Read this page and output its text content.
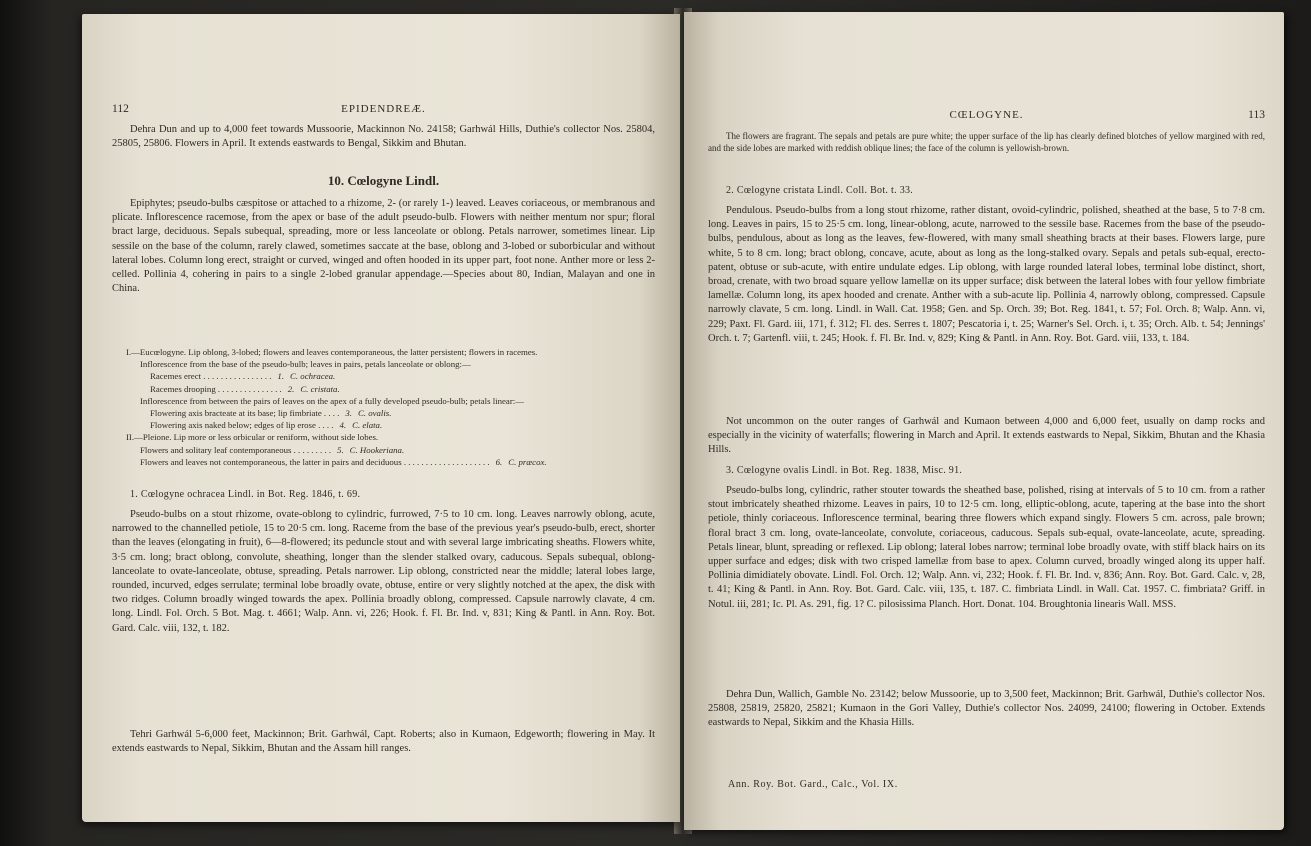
112	EPIDENDREÆ.

Dehra Dun and up to 4,000 feet towards Mussoorie, Mackinnon No. 24158; Garhwál Hills, Duthie's collector Nos. 25804, 25805, 25806. Flowers in April. It extends eastwards to Bengal, Sikkim and Bhutan.

10. Cœlogyne Lindl.

Epiphytes; pseudo-bulbs cæspitose or attached to a rhizome, 2- (or rarely 1-) leaved. Leaves coriaceous, or membranous and plicate. Inflorescence racemose, from the apex or base of the adult pseudo-bulb. Flowers with neither mentum nor spur; floral bract large, deciduous. Sepals subequal, spreading, more or less lanceolate or oblong. Petals narrower, sometimes linear. Lip sessile on the base of the column, rarely clawed, sometimes saccate at the base, oblong and 3-lobed or suborbicular and without lateral lobes. Column long erect, straight or curved, winged and often hooded in its upper part, foot none. Anther more or less 2-celled. Pollinia 4, cohering in pairs to a single 2-lobed granular appendage.—Species about 80, Indian, Malayan and one in China.

I.—Eucœlogyne. Lip oblong, 3-lobed; flowers and leaves contemporaneous, the latter persistent; flowers in racemes.
Inflorescence from the base of the pseudo-bulb; leaves in pairs, petals lanceolate or oblong:—
Racemes erect . . . . . . . . . . . . . . . . 1. C. ochracea.
Racemes drooping . . . . . . . . . . . . . . . 2. C. cristata.
Inflorescence from between the pairs of leaves on the apex of a fully developed pseudo-bulb; petals linear:—
Flowering axis bracteate at its base; lip fimbriate . . . . 3. C. ovalis.
Flowering axis naked below; edges of lip erose . . . . 4. C. elata.
II.—Pleione. Lip more or less orbicular or reniform, without side lobes.
Flowers and solitary leaf contemporaneous . . . . . . . . . 5. C. Hookeriana.
Flowers and leaves not contemporaneous, the latter in pairs and deciduous . . . . . . . . . . . . . . . . . . . . 6. C. præcox.
1. Cœlogyne ochracea Lindl. in Bot. Reg. 1846, t. 69.

Pseudo-bulbs on a stout rhizome, ovate-oblong to cylindric, furrowed, 7·5 to 10 cm. long. Leaves narrowly oblong, acute, narrowed to the channelled petiole, 15 to 20·5 cm. long. Raceme from the base of the previous year's pseudo-bulb, erect, shorter than the leaves (elongating in fruit), 6—8-flowered; its peduncle stout and with several large imbricating sheaths. Flowers white, 3·5 cm. long; bract oblong, convolute, sheathing, longer than the slender stalked ovary, caducous. Sepals subequal, oblong-lanceolate to ovate-lanceolate, obtuse, spreading. Petals narrower. Lip oblong, constricted near the middle; lateral lobes large, rounded, incurved, edges serrulate; terminal lobe broadly ovate, obtuse, entire or very slightly notched at the apex, the disk with two ridges. Column broadly winged towards the apex. Pollinia broadly oblong, compressed. Capsule narrowly clavate, 4 cm. long. Lindl. Fol. Orch. 5 Bot. Mag. t. 4661; Walp. Ann. vi, 226; Hook. f. Fl. Br. Ind. v, 831; King & Pantl. in Ann. Roy. Bot. Gard. Calc. viii, 132, t. 182.

Tehri Garhwál 5-6,000 feet, Mackinnon; Brit. Garhwál, Capt. Roberts; also in Kumaon, Edgeworth; flowering in May. It extends eastwards to Nepal, Sikkim, Bhutan and the Assam hill ranges.

CŒLOGYNE.	113

The flowers are fragrant. The sepals and petals are pure white; the upper surface of the lip has clearly defined blotches of yellow margined with red, and the side lobes are marked with reddish oblique lines; the face of the column is yellowish-brown.

2. Cœlogyne cristata Lindl. Coll. Bot. t. 33.

Pendulous. Pseudo-bulbs from a long stout rhizome, rather distant, ovoid-cylindric, polished, sheathed at the base, 5 to 7·8 cm. long. Leaves in pairs, 15 to 25·5 cm. long, linear-oblong, acute, narrowed to the sessile base. Racemes from the base of the pseudo-bulbs, pendulous, about as long as the leaves, few-flowered, with many small sheathing bracts at their bases. Flowers large, pure white, 5 to 8 cm. long; bract oblong, concave, acute, about as long as the long-stalked ovary. Sepals and petals sub-equal, erecto-patent, obtuse or sub-acute, with entire undulate edges. Lip oblong, with large rounded lateral lobes, terminal lobe distinct, short, broad, crenate, with two broad square yellow lamellæ on its upper surface; disk between the lateral lobes with four yellow fimbriate lamellæ. Column long, its apex hooded and crenate. Anther with a sub-acute lip. Pollinia 4, narrowly oblong, compressed. Capsule narrowly clavate, 5 cm. long. Lindl. in Wall. Cat. 1958; Gen. and Sp. Orch. 39; Bot. Reg. 1841, t. 57; Fol. Orch. 8; Walp. Ann. vi, 229; Paxt. Fl. Gard. iii, 171, f. 312; Fl. des. Serres t. 1807; Pescatoria i, t. 25; Warner's Sel. Orch. i, t. 35; Orch. Alb. t. 54; Jennings' Orch. t. 7; Gartenfl. viii, t. 245; Hook. f. Fl. Br. Ind. v, 829; King & Pantl. in Ann. Roy. Bot. Gard. viii, 133, t. 184.

Not uncommon on the outer ranges of Garhwál and Kumaon between 4,000 and 6,000 feet, usually on damp rocks and especially in the vicinity of waterfalls; flowering in March and April. It extends eastwards to Nepal, Sikkim, Bhutan and the Khasia Hills.

3. Cœlogyne ovalis Lindl. in Bot. Reg. 1838, Misc. 91.

Pseudo-bulbs long, cylindric, rather stouter towards the sheathed base, polished, rising at intervals of 5 to 10 cm. from a rather stout imbricately sheathed rhizome. Leaves in pairs, 10 to 12·5 cm. long, elliptic-oblong, acute, tapering at the base into the short petiole, thinly coriaceous. Inflorescence terminal, bearing three flowers which expand singly. Flowers 5 cm. across, pale brown; floral bract 3 cm. long, ovate-lanceolate, convolute, coriaceous, caducous. Sepals sub-equal, ovate-lanceolate, acute, spreading. Petals linear, blunt, spreading or reflexed. Lip oblong; lateral lobes narrow; terminal lobe broadly ovate, with stiff black hairs on its upper surface and edges; disk with two crisped lamellæ from base to apex. Column curved, broadly winged along its upper half. Pollinia dimidiately obovate. Lindl. Fol. Orch. 12; Walp. Ann. vi, 232; Hook. f. Fl. Br. Ind. v, 836; Ann. Roy. Bot. Gard. Calc. v, 28, t. 41; King & Pantl. in Ann. Roy. Bot. Gard. Calc. viii, 135, t. 187. C. fimbriata Lindl. in Wall. Cat. 1957. C. fimbriata? Griff. in Notul. iii, 281; Ic. Pl. As. 291, fig. 1? C. pilosissima Planch. Hort. Donat. 104. Broughtonia linearis Wall. MSS.

Dehra Dun, Wallich, Gamble No. 23142; below Mussoorie, up to 3,500 feet, Mackinnon; Brit. Garhwál, Duthie's collector Nos. 25808, 25819, 25820, 25821; Kumaon in the Gori Valley, Duthie's collector Nos. 24099, 24100; flowering in October. Extends eastwards to Nepal, Sikkim and the Khasia Hills.

Ann. Roy. Bot. Gard., Calc., Vol. IX.
